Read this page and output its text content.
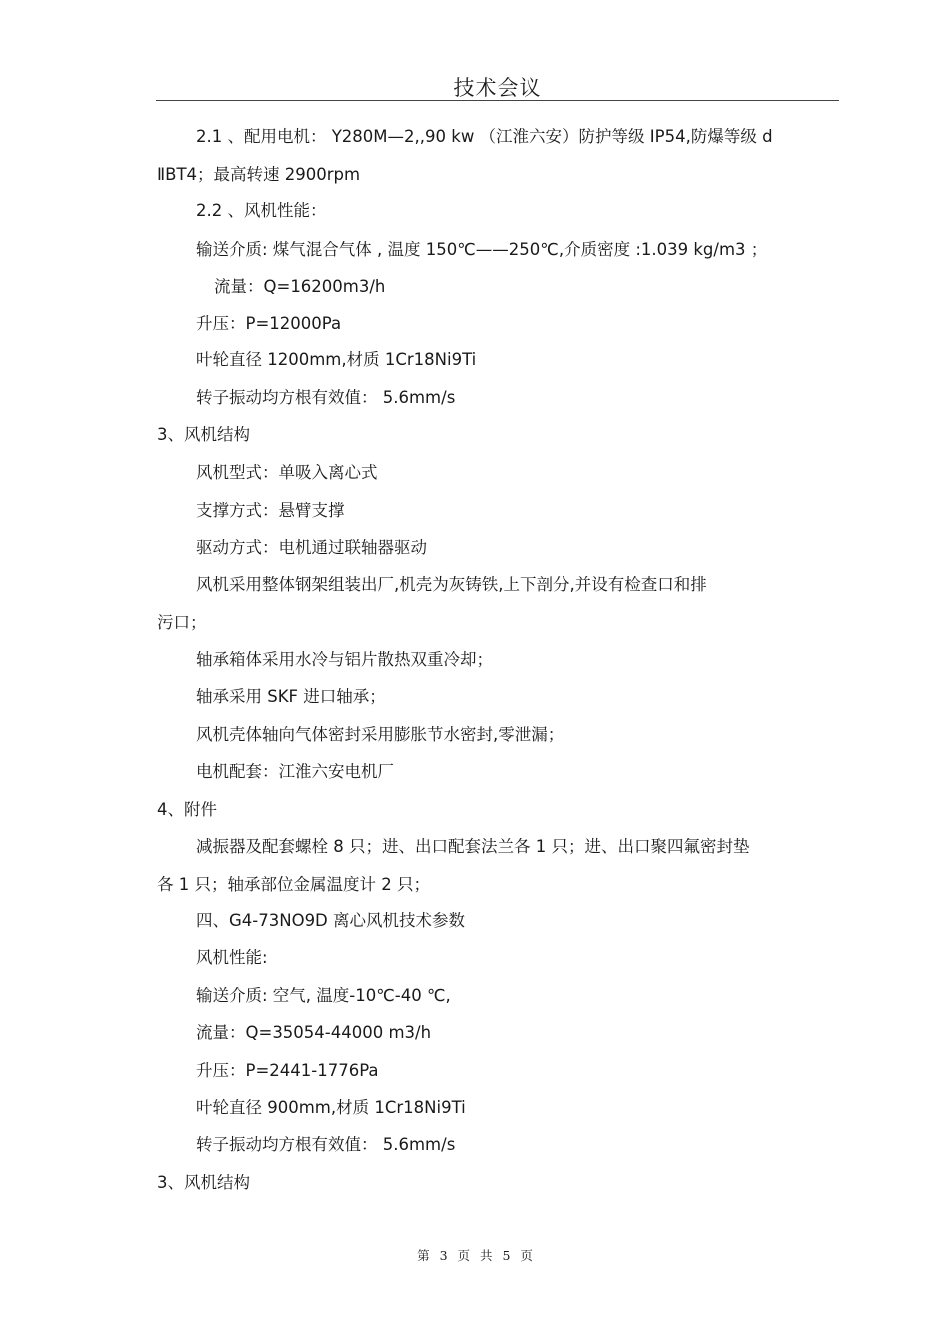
技术会议
2.1 、配用电机： Y280M—2,,90 kw （江淮六安）防护等级 IP54,防爆等级 d
ⅡBT4；最高转速 2900rpm
2.2 、风机性能：
输送介质: 煤气混合气体 , 温度 150℃——250℃,介质密度 :1.039 kg/m3 ；
流量：Q=16200m3/h
升压：P=12000Pa
叶轮直径 1200mm,材质 1Cr18Ni9Ti
转子振动均方根有效值： 5.6mm/s
3、风机结构
风机型式：单吸入离心式
支撑方式：悬臂支撑
驱动方式：电机通过联轴器驱动
风机采用整体钢架组装出厂,机壳为灰铸铁,上下剖分,并设有检查口和排
污口；
轴承箱体采用水冷与铝片散热双重冷却；
轴承采用 SKF 进口轴承；
风机壳体轴向气体密封采用膨胀节水密封,零泄漏；
电机配套：江淮六安电机厂
4、附件
减振器及配套螺栓 8 只；进、出口配套法兰各 1 只；进、出口聚四氟密封垫
各 1 只；轴承部位金属温度计 2 只；
四、G4-73NO9D 离心风机技术参数
风机性能:
输送介质: 空气, 温度-10℃-40 ℃,
流量：Q=35054-44000 m3/h
升压：P=2441-1776Pa
叶轮直径 900mm,材质 1Cr18Ni9Ti
转子振动均方根有效值： 5.6mm/s
3、风机结构
第 3 页 共 5 页
